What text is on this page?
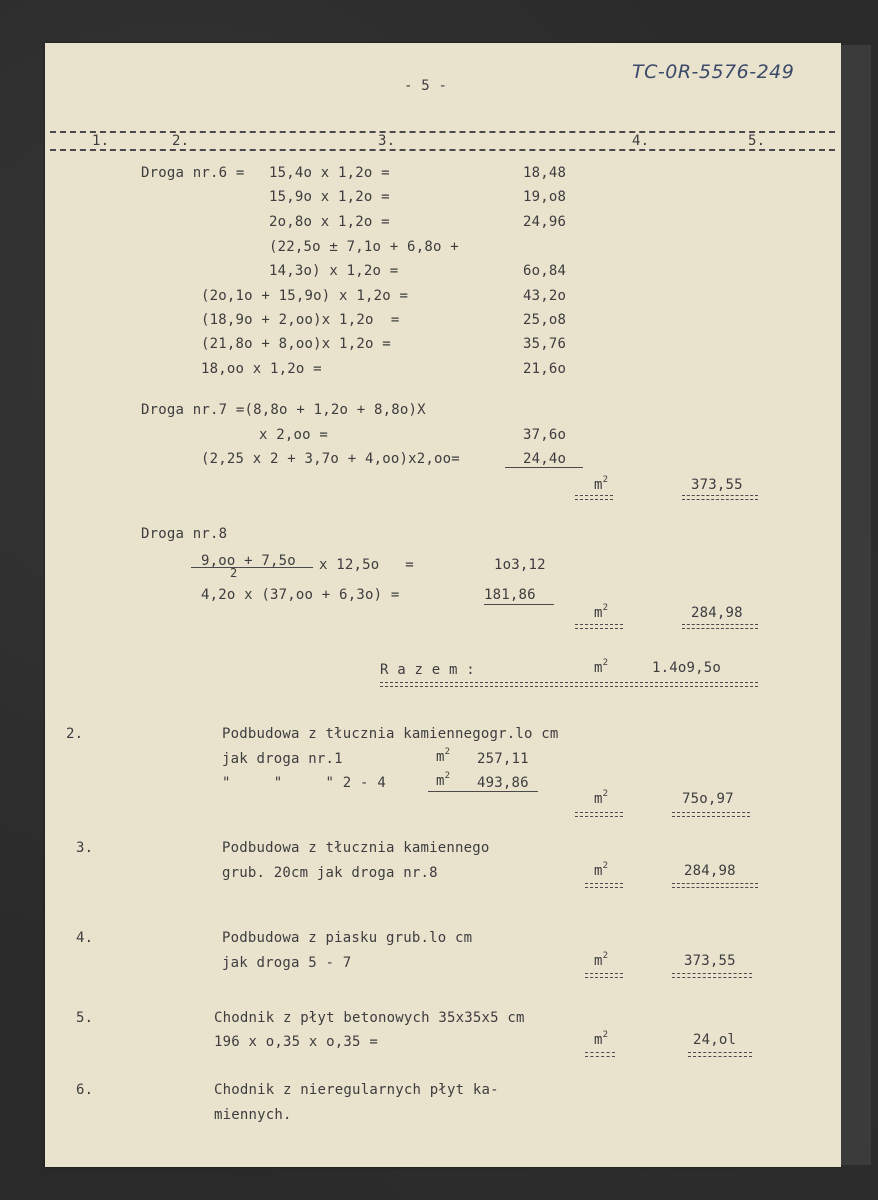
- 5 -
TC-0R-5576-249
1.	2.	3.	4.	5.
Droga nr.6 = 15,4o x 1,2o =	18,48
15,9o x 1,2o =	19,o8
2o,8o x 1,2o =	24,96
(22,5o ± 7,1o + 6,8o +
14,3o) x 1,2o =	6o,84
(2o,1o + 15,9o) x 1,2o =	43,2o
(18,9o + 2,oo)x 1,2o  =	25,o8
(21,8o + 8,oo)x 1,2o =	35,76
18,oo x 1,2o =	21,6o
Droga nr.7 =(8,8o + 1,2o + 8,8o)X
x 2,oo =	37,6o
(2,25 x 2 + 3,7o + 4,oo)x2,oo=	24,4o
$m^2$	373,55
Droga nr.8
9,oo + 7,5o
2	x 12,5o   =	1o3,12
4,2o x (37,oo + 6,3o) =	181,86
$m^2$	284,98
R a z e m :	$m^2$	1.4o9,5o
2.	Podbudowa z tłucznia kamiennegogr.lo cm
jak droga nr.1	$m^2$ 257,11
"     "     " 2 - 4	$m^2$ 493,86
$m^2$	75o,97
3.	Podbudowa z tłucznia kamiennego
grub. 20cm jak droga nr.8	$m^2$	284,98
4.	Podbudowa z piasku grub.lo cm
jak droga 5 - 7	$m^2$	373,55
5.	Chodnik z płyt betonowych 35x35x5 cm
196 x o,35 x o,35 =	$m^2$	24,ol
6.	Chodnik z nieregularnych płyt ka-
miennych.
